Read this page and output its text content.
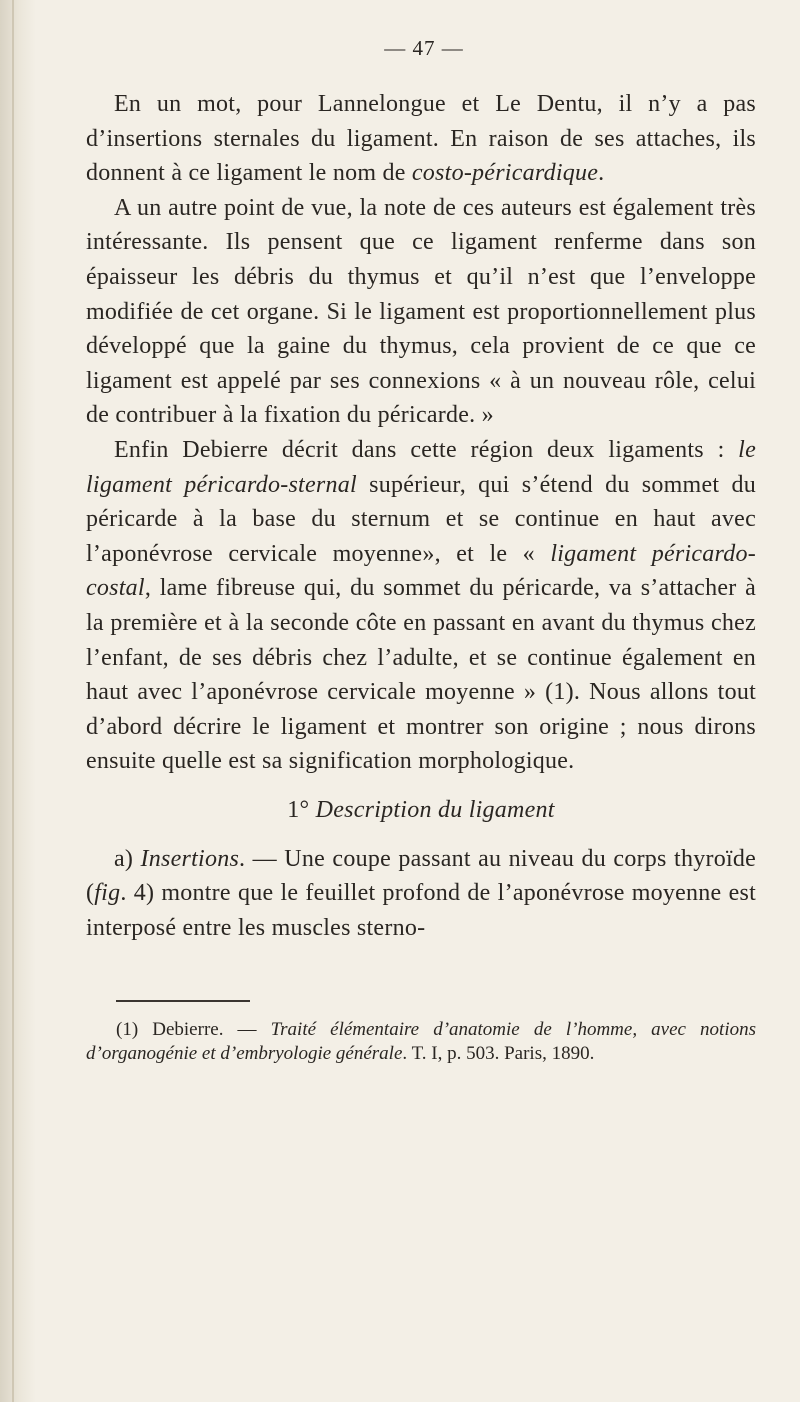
— 47 —

En un mot, pour Lannelongue et Le Dentu, il n’y a pas d’insertions sternales du ligament. En raison de ses attaches, ils donnent à ce ligament le nom de costo-péricardique.

A un autre point de vue, la note de ces auteurs est également très intéressante. Ils pensent que ce ligament renferme dans son épaisseur les débris du thymus et qu’il n’est que l’enveloppe modifiée de cet organe. Si le ligament est proportionnellement plus développé que la gaine du thymus, cela provient de ce que ce ligament est appelé par ses connexions « à un nouveau rôle, celui de contribuer à la fixation du péricarde. »

Enfin Debierre décrit dans cette région deux ligaments : le ligament péricardo-sternal supérieur, qui s’étend du sommet du péricarde à la base du sternum et se continue en haut avec l’aponévrose cervicale moyenne», et le « ligament péricardo-costal, lame fibreuse qui, du sommet du péricarde, va s’attacher à la première et à la seconde côte en passant en avant du thymus chez l’enfant, de ses débris chez l’adulte, et se continue également en haut avec l’aponévrose cervicale moyenne » (1). Nous allons tout d’abord décrire le ligament et montrer son origine ; nous dirons ensuite quelle est sa signification morphologique.

1° Description du ligament

a) Insertions. — Une coupe passant au niveau du corps thyroïde (fig. 4) montre que le feuillet profond de l’aponévrose moyenne est interposé entre les muscles sterno-

(1) Debierre. — Traité élémentaire d’anatomie de l’homme, avec notions d’organogénie et d’embryologie générale. T. I, p. 503. Paris, 1890.
